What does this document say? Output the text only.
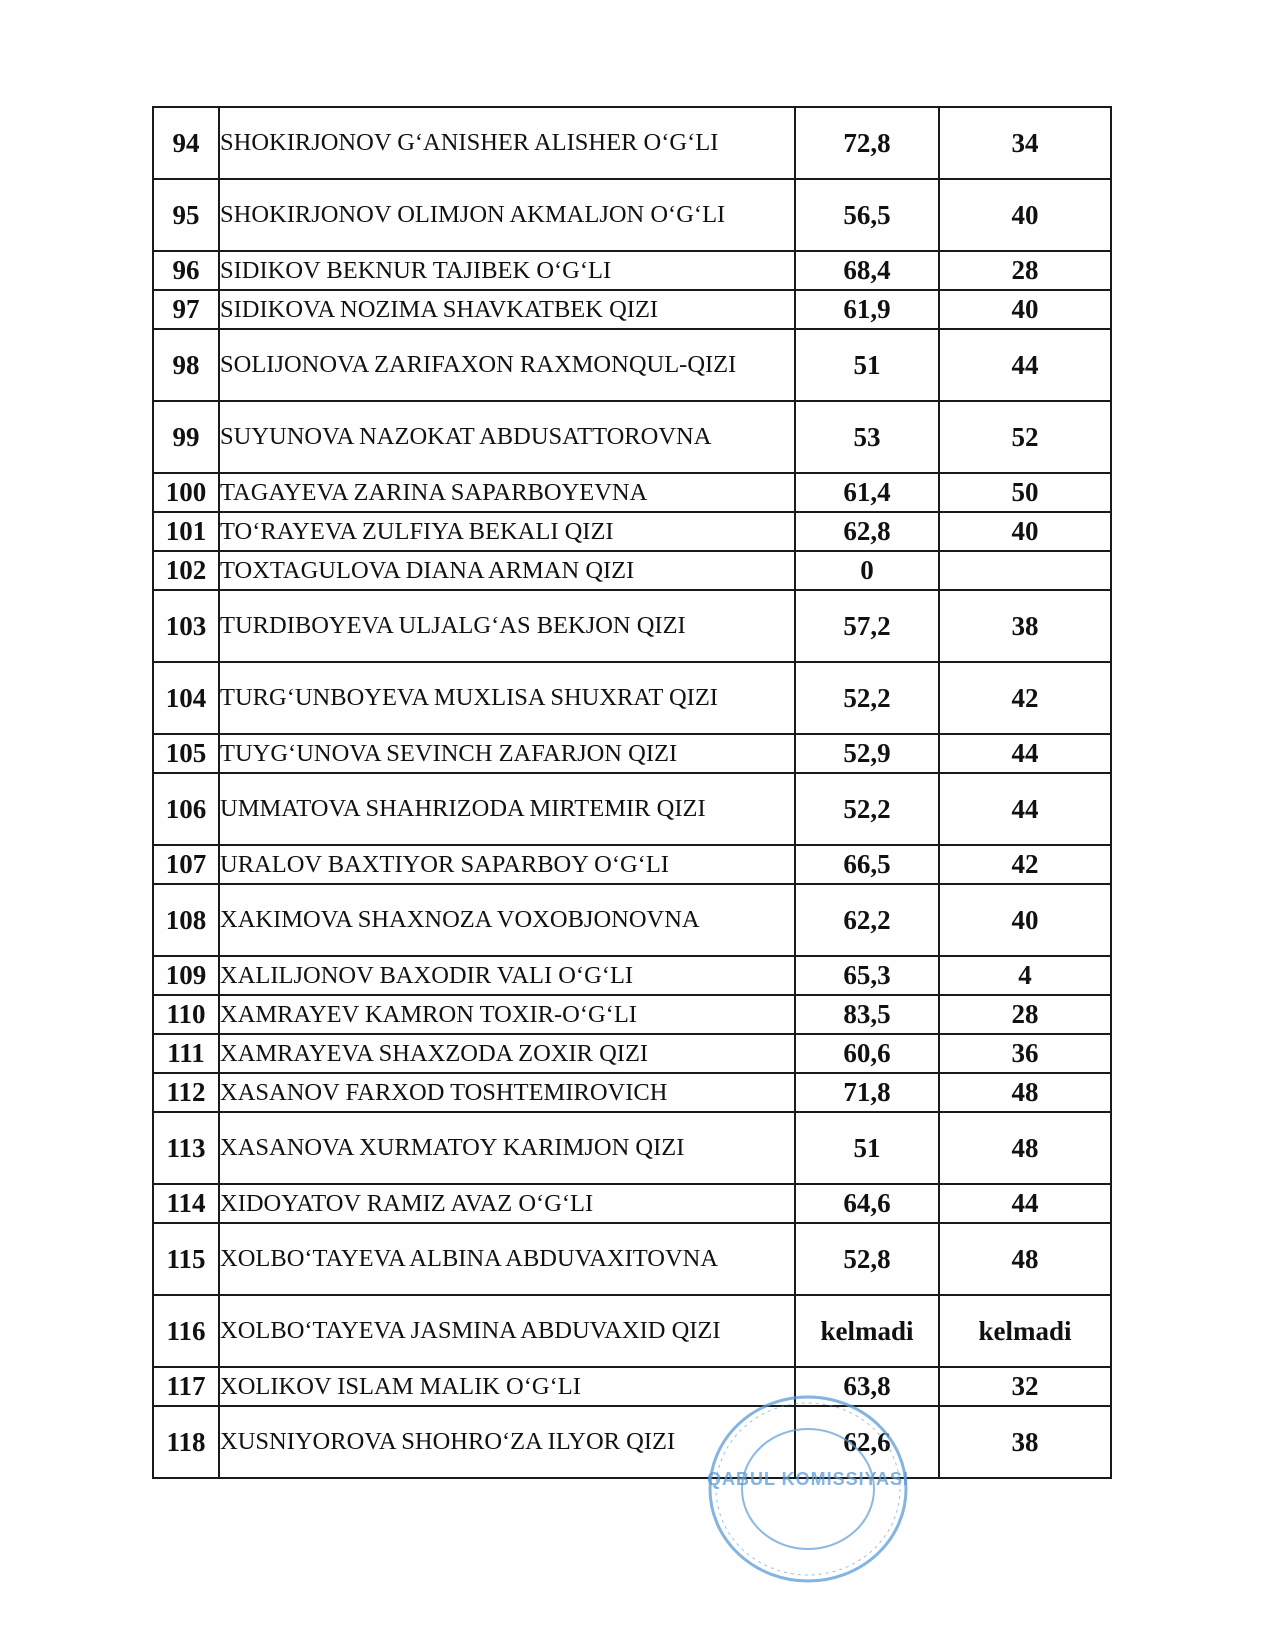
94	SHOKIRJONOV G‘ANISHER ALISHER O‘G‘LI	72,8	34
95	SHOKIRJONOV OLIMJON AKMALJON O‘G‘LI	56,5	40
96	SIDIKOV BEKNUR TAJIBEK O‘G‘LI	68,4	28
97	SIDIKOVA NOZIMA SHAVKATBEK QIZI	61,9	40
98	SOLIJONOVA ZARIFAXON RAXMONQUL-QIZI	51	44
99	SUYUNOVA NAZOKAT ABDUSATTOROVNA	53	52
100	TAGAYEVA ZARINA SAPARBOYEVNA	61,4	50
101	TO‘RAYEVA ZULFIYA BEKALI QIZI	62,8	40
102	TOXTAGULOVA DIANA ARMAN QIZI	0	
103	TURDIBOYEVA ULJALG‘AS BEKJON QIZI	57,2	38
104	TURG‘UNBOYEVA MUXLISA SHUXRAT QIZI	52,2	42
105	TUYG‘UNOVA SEVINCH ZAFARJON QIZI	52,9	44
106	UMMATOVA SHAHRIZODA MIRTEMIR QIZI	52,2	44
107	URALOV BAXTIYOR SAPARBOY O‘G‘LI	66,5	42
108	XAKIMOVA SHAXNOZA VOXOBJONOVNA	62,2	40
109	XALILJONOV BAXODIR VALI O‘G‘LI	65,3	4
110	XAMRAYEV KAMRON TOXIR-O‘G‘LI	83,5	28
111	XAMRAYEVA SHAXZODA ZOXIR QIZI	60,6	36
112	XASANOV FARXOD TOSHTEMIROVICH	71,8	48
113	XASANOVA XURMATOY KARIMJON QIZI	51	48
114	XIDOYATOV RAMIZ AVAZ O‘G‘LI	64,6	44
115	XOLBO‘TAYEVA ALBINA ABDUVAXITOVNA	52,8	48
116	XOLBO‘TAYEVA JASMINA ABDUVAXID QIZI	kelmadi	kelmadi
117	XOLIKOV ISLAM MALIK O‘G‘LI	63,8	32
118	XUSNIYOROVA SHOHRO‘ZA ILYOR QIZI	62,6	38
QABUL KOMISSIYASI
